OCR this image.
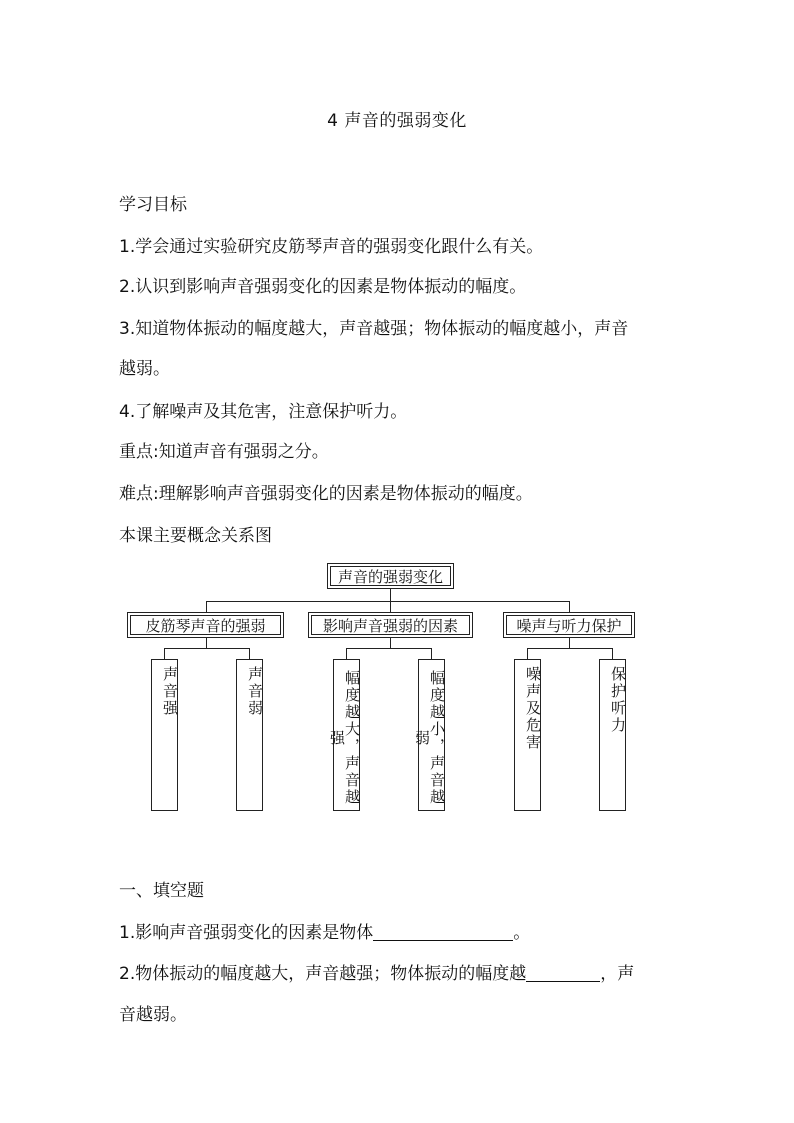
4 声音的强弱变化
学习目标
1.学会通过实验研究皮筋琴声音的强弱变化跟什么有关。
2.认识到影响声音强弱变化的因素是物体振动的幅度。
3.知道物体振动的幅度越大，声音越强；物体振动的幅度越小，声音
越弱。
4.了解噪声及其危害，注意保护听力。
重点:知道声音有强弱之分。
难点:理解影响声音强弱变化的因素是物体振动的幅度。
本课主要概念关系图
声音的强弱变化
皮筋琴声音的强弱	影响声音强弱的因素	噪声与听力保护
声音强	声音弱	幅度越大，声音越强	幅度越小，声音越弱	噪声及危害	保护听力
一、填空题
1.影响声音强弱变化的因素是物体	。
2.物体振动的幅度越大，声音越强；物体振动的幅度越	，声
音越弱。
